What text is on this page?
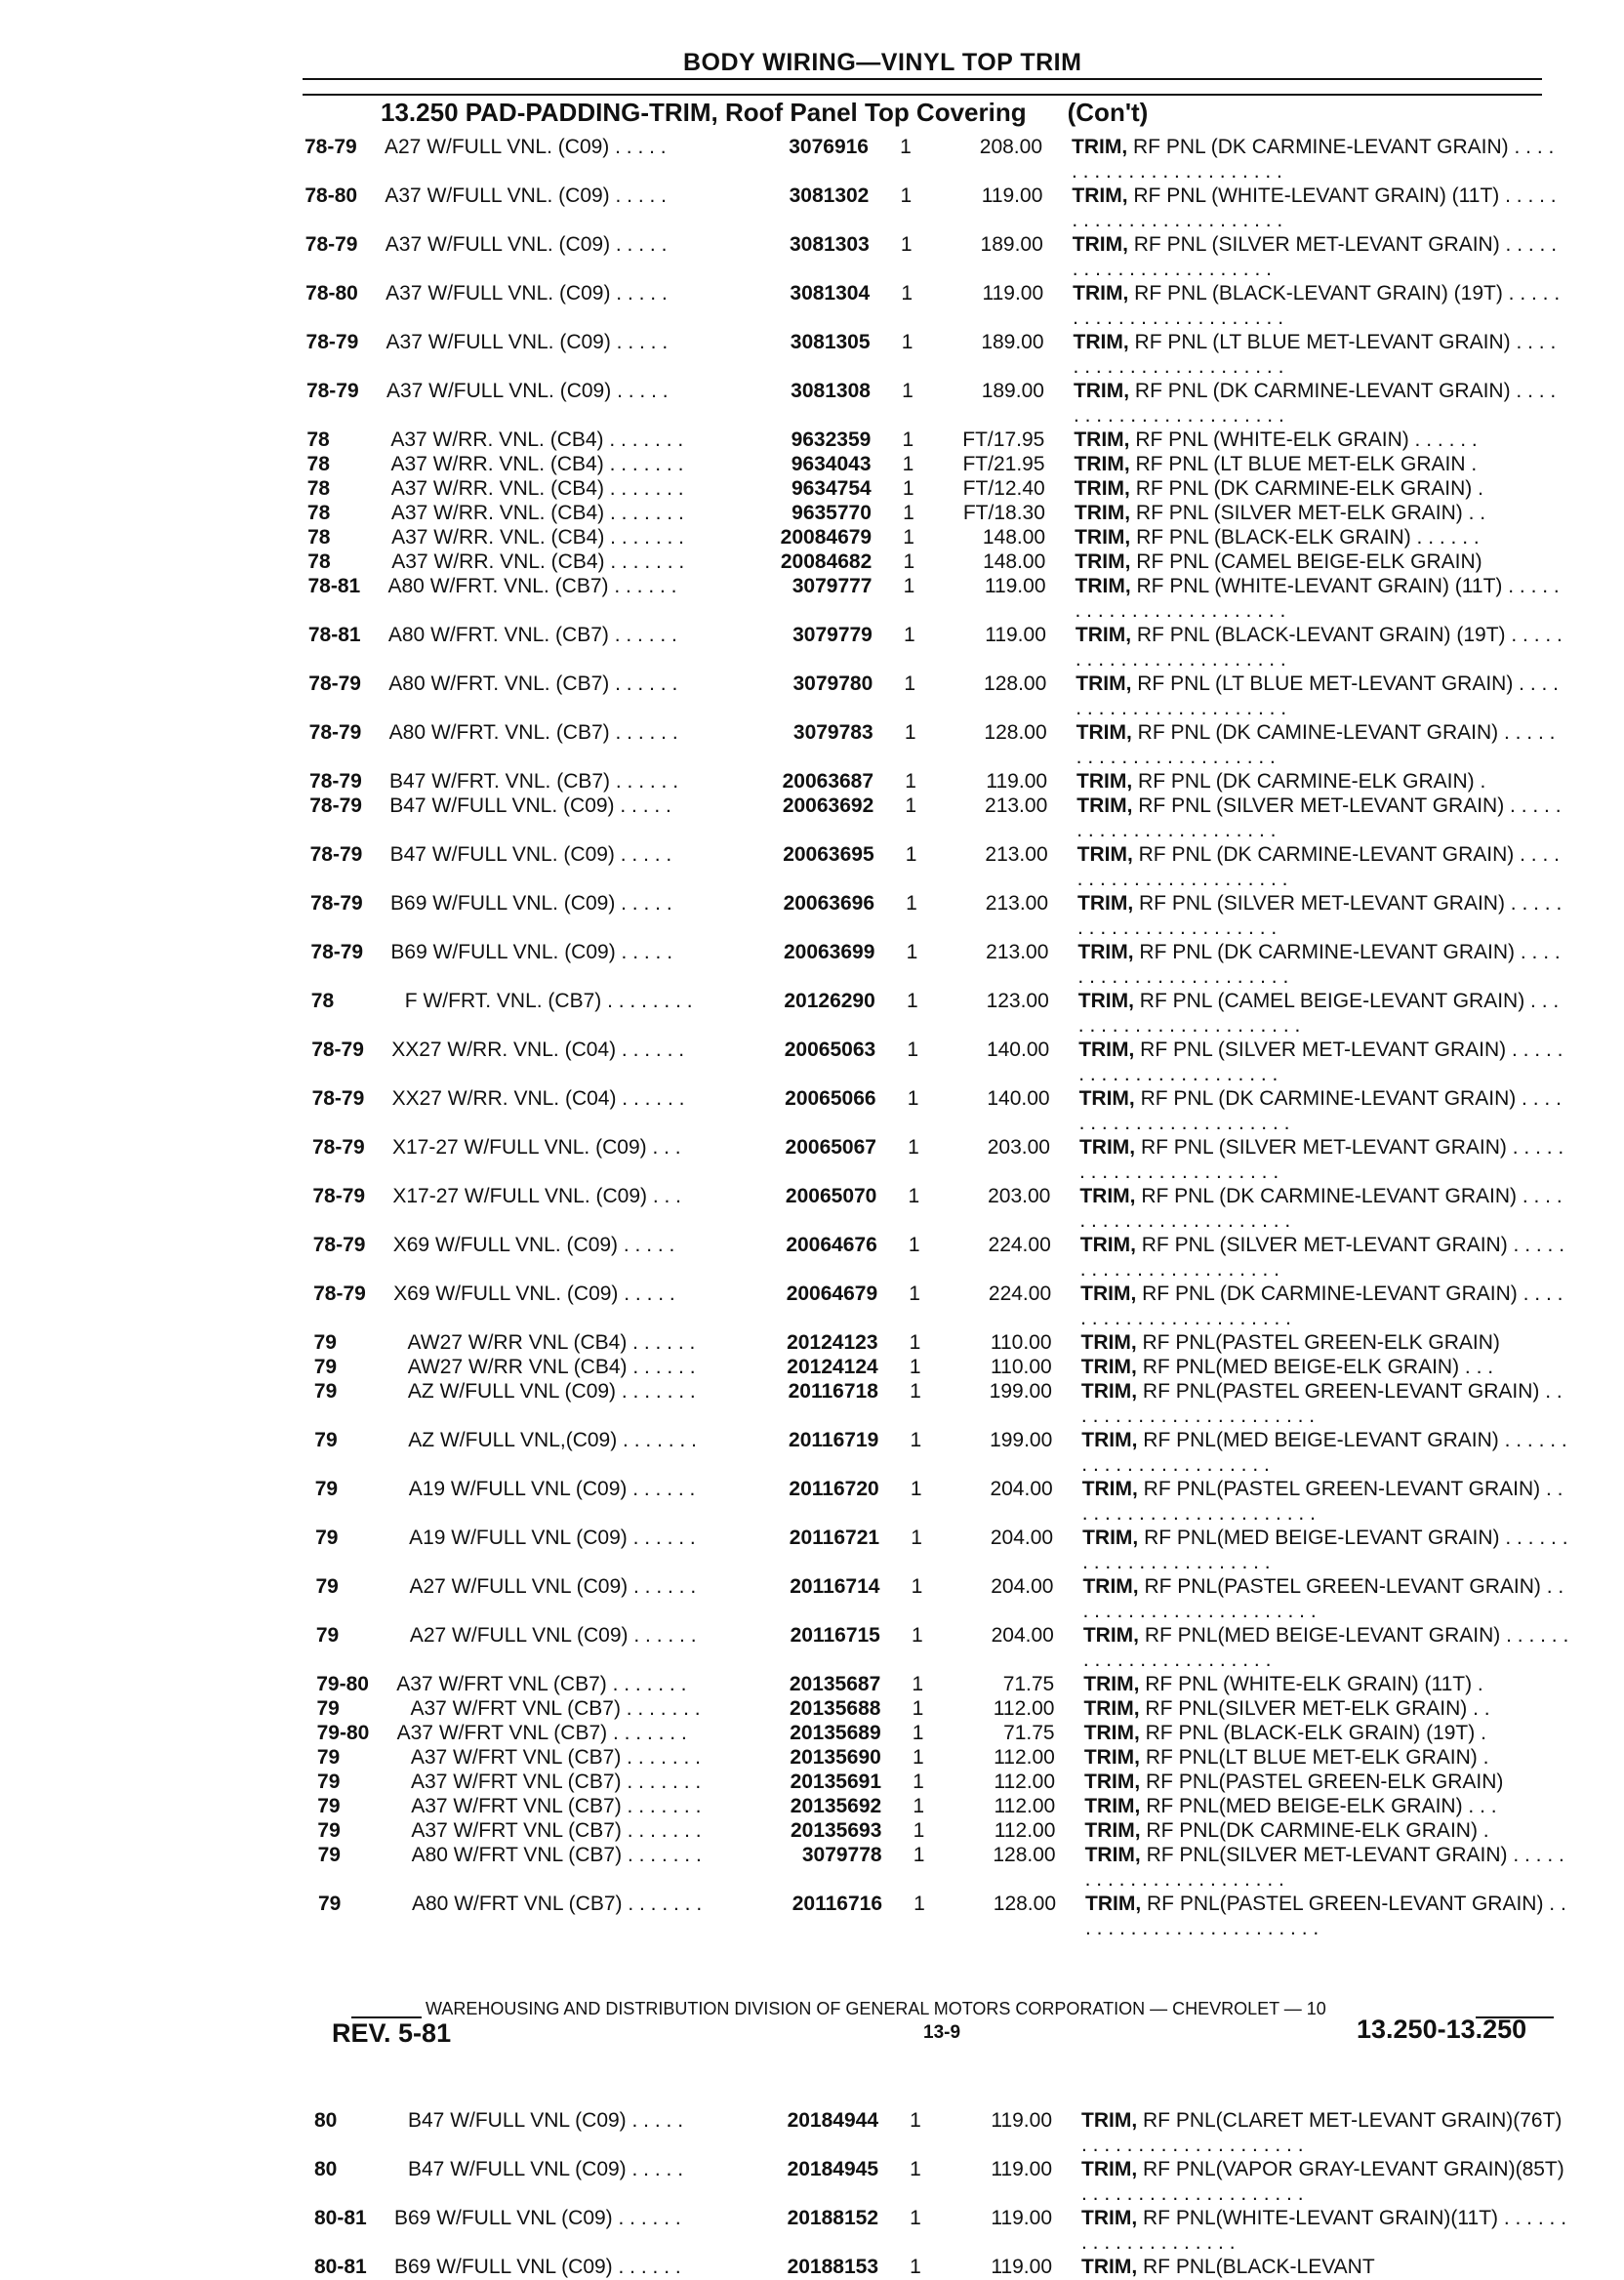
BODY WIRING—VINYL TOP TRIM
13.250 PAD-PADDING-TRIM, Roof Panel Top Covering (Con't)
78-79 A27 W/FULL VNL. (C09) . . . . .	3076916 1	208.00 TRIM, RF PNL (DK CARMINE-LEVANT GRAIN) . . . . . . . . . . . . . . . . . . . . . . .
78-80 A37 W/FULL VNL. (C09) . . . . .	3081302 1	119.00 TRIM, RF PNL (WHITE-LEVANT GRAIN) (11T) . . . . . . . . . . . . . . . . . . . . . . . .
78-79 A37 W/FULL VNL. (C09) . . . . .	3081303 1	189.00 TRIM, RF PNL (SILVER MET-LEVANT GRAIN) . . . . . . . . . . . . . . . . . . . . . . .
78-80 A37 W/FULL VNL. (C09) . . . . .	3081304 1	119.00 TRIM, RF PNL (BLACK-LEVANT GRAIN) (19T) . . . . . . . . . . . . . . . . . . . . . . . .
78-79 A37 W/FULL VNL. (C09) . . . . .	3081305 1	189.00 TRIM, RF PNL (LT BLUE MET-LEVANT GRAIN) . . . . . . . . . . . . . . . . . . . . . . .
78-79 A37 W/FULL VNL. (C09) . . . . .	3081308 1	189.00 TRIM, RF PNL (DK CARMINE-LEVANT GRAIN) . . . . . . . . . . . . . . . . . . . . . . .
78	A37 W/RR. VNL. (CB4) . . . . . . .	9632359 1	FT/17.95 TRIM, RF PNL (WHITE-ELK GRAIN) . . . . . .
78	A37 W/RR. VNL. (CB4) . . . . . . .	9634043 1	FT/21.95 TRIM, RF PNL (LT BLUE MET-ELK GRAIN .
78	A37 W/RR. VNL. (CB4) . . . . . . .	9634754 1	FT/12.40 TRIM, RF PNL (DK CARMINE-ELK GRAIN) .
78	A37 W/RR. VNL. (CB4) . . . . . . .	9635770 1	FT/18.30 TRIM, RF PNL (SILVER MET-ELK GRAIN) . .
78	A37 W/RR. VNL. (CB4) . . . . . . .	20084679 1	148.00 TRIM, RF PNL (BLACK-ELK GRAIN) . . . . . .
78	A37 W/RR. VNL. (CB4) . . . . . . .	20084682 1	148.00 TRIM, RF PNL (CAMEL BEIGE-ELK GRAIN)
78-81 A80 W/FRT. VNL. (CB7) . . . . . .	3079777 1	119.00 TRIM, RF PNL (WHITE-LEVANT GRAIN) (11T) . . . . . . . . . . . . . . . . . . . . . . . .
78-81 A80 W/FRT. VNL. (CB7) . . . . . .	3079779 1	119.00 TRIM, RF PNL (BLACK-LEVANT GRAIN) (19T) . . . . . . . . . . . . . . . . . . . . . . . .
78-79 A80 W/FRT. VNL. (CB7) . . . . . .	3079780 1	128.00 TRIM, RF PNL (LT BLUE MET-LEVANT GRAIN) . . . . . . . . . . . . . . . . . . . . . . .
78-79 A80 W/FRT. VNL. (CB7) . . . . . .	3079783 1	128.00 TRIM, RF PNL (DK CAMINE-LEVANT GRAIN) . . . . . . . . . . . . . . . . . . . . . . .
78-79 B47 W/FRT. VNL. (CB7) . . . . . .	20063687 1	119.00 TRIM, RF PNL (DK CARMINE-ELK GRAIN) .
78-79 B47 W/FULL VNL. (C09) . . . . .	20063692 1	213.00 TRIM, RF PNL (SILVER MET-LEVANT GRAIN) . . . . . . . . . . . . . . . . . . . . . . .
78-79 B47 W/FULL VNL. (C09) . . . . .	20063695 1	213.00 TRIM, RF PNL (DK CARMINE-LEVANT GRAIN) . . . . . . . . . . . . . . . . . . . . . . .
78-79 B69 W/FULL VNL. (C09) . . . . .	20063696 1	213.00 TRIM, RF PNL (SILVER MET-LEVANT GRAIN) . . . . . . . . . . . . . . . . . . . . . . .
78-79 B69 W/FULL VNL. (C09) . . . . .	20063699 1	213.00 TRIM, RF PNL (DK CARMINE-LEVANT GRAIN) . . . . . . . . . . . . . . . . . . . . . . .
78	F W/FRT. VNL. (CB7) . . . . . . . .	20126290 1	123.00 TRIM, RF PNL (CAMEL BEIGE-LEVANT GRAIN) . . . . . . . . . . . . . . . . . . . . . . .
78-79 XX27 W/RR. VNL. (C04) . . . . . .	20065063 1	140.00 TRIM, RF PNL (SILVER MET-LEVANT GRAIN) . . . . . . . . . . . . . . . . . . . . . . .
78-79 XX27 W/RR. VNL. (C04) . . . . . .	20065066 1	140.00 TRIM, RF PNL (DK CARMINE-LEVANT GRAIN) . . . . . . . . . . . . . . . . . . . . . . .
78-79 X17-27 W/FULL VNL. (C09) . . .	20065067 1	203.00 TRIM, RF PNL (SILVER MET-LEVANT GRAIN) . . . . . . . . . . . . . . . . . . . . . . .
78-79 X17-27 W/FULL VNL. (C09) . . .	20065070 1	203.00 TRIM, RF PNL (DK CARMINE-LEVANT GRAIN) . . . . . . . . . . . . . . . . . . . . . . .
78-79 X69 W/FULL VNL. (C09) . . . . .	20064676 1	224.00 TRIM, RF PNL (SILVER MET-LEVANT GRAIN) . . . . . . . . . . . . . . . . . . . . . . .
78-79 X69 W/FULL VNL. (C09) . . . . .	20064679 1	224.00 TRIM, RF PNL (DK CARMINE-LEVANT GRAIN) . . . . . . . . . . . . . . . . . . . . . . .
79	AW27 W/RR VNL (CB4) . . . . . .	20124123 1	110.00 TRIM, RF PNL(PASTEL GREEN-ELK GRAIN)
79	AW27 W/RR VNL (CB4) . . . . . .	20124124 1	110.00 TRIM, RF PNL(MED BEIGE-ELK GRAIN) . . .
79	AZ W/FULL VNL (C09) . . . . . . .	20116718 1	199.00 TRIM, RF PNL(PASTEL GREEN-LEVANT GRAIN) . . . . . . . . . . . . . . . . . . . . . . .
79	AZ W/FULL VNL,(C09) . . . . . . .	20116719 1	199.00 TRIM, RF PNL(MED BEIGE-LEVANT GRAIN) . . . . . . . . . . . . . . . . . . . . . . .
79	A19 W/FULL VNL (C09) . . . . . .	20116720 1	204.00 TRIM, RF PNL(PASTEL GREEN-LEVANT GRAIN) . . . . . . . . . . . . . . . . . . . . . . .
79	A19 W/FULL VNL (C09) . . . . . .	20116721 1	204.00 TRIM, RF PNL(MED BEIGE-LEVANT GRAIN) . . . . . . . . . . . . . . . . . . . . . . .
79	A27 W/FULL VNL (C09) . . . . . .	20116714 1	204.00 TRIM, RF PNL(PASTEL GREEN-LEVANT GRAIN) . . . . . . . . . . . . . . . . . . . . . . .
79	A27 W/FULL VNL (C09) . . . . . .	20116715 1	204.00 TRIM, RF PNL(MED BEIGE-LEVANT GRAIN) . . . . . . . . . . . . . . . . . . . . . . .
79-80 A37 W/FRT VNL (CB7) . . . . . . .	20135687 1	71.75 TRIM, RF PNL (WHITE-ELK GRAIN) (11T) .
79	A37 W/FRT VNL (CB7) . . . . . . .	20135688 1	112.00 TRIM, RF PNL(SILVER MET-ELK GRAIN) . .
79-80 A37 W/FRT VNL (CB7) . . . . . . .	20135689 1	71.75 TRIM, RF PNL (BLACK-ELK GRAIN) (19T) .
79	A37 W/FRT VNL (CB7) . . . . . . .	20135690 1	112.00 TRIM, RF PNL(LT BLUE MET-ELK GRAIN) .
79	A37 W/FRT VNL (CB7) . . . . . . .	20135691 1	112.00 TRIM, RF PNL(PASTEL GREEN-ELK GRAIN)
79	A37 W/FRT VNL (CB7) . . . . . . .	20135692 1	112.00 TRIM, RF PNL(MED BEIGE-ELK GRAIN) . . .
79	A37 W/FRT VNL (CB7) . . . . . . .	20135693 1	112.00 TRIM, RF PNL(DK CARMINE-ELK GRAIN) .
79	A80 W/FRT VNL (CB7) . . . . . . .	3079778 1	128.00 TRIM, RF PNL(SILVER MET-LEVANT GRAIN) . . . . . . . . . . . . . . . . . . . . . . .
79	A80 W/FRT VNL (CB7) . . . . . . .	20116716 1	128.00 TRIM, RF PNL(PASTEL GREEN-LEVANT GRAIN) . . . . . . . . . . . . . . . . . . . . . . .
WAREHOUSING AND DISTRIBUTION DIVISION OF GENERAL MOTORS CORPORATION — CHEVROLET — 10
REV. 5-81	13-9	13.250-13.250
80	B47 W/FULL VNL (C09) . . . . .	20184944 1	119.00 TRIM, RF PNL(CLARET MET-LEVANT GRAIN)(76T) . . . . . . . . . . . . . . . . . . . .
80	B47 W/FULL VNL (C09) . . . . .	20184945 1	119.00 TRIM, RF PNL(VAPOR GRAY-LEVANT GRAIN)(85T) . . . . . . . . . . . . . . . . . . . .
80-81 B69 W/FULL VNL (C09) . . . . . .	20188152 1	119.00 TRIM, RF PNL(WHITE-LEVANT GRAIN)(11T) . . . . . . . . . . . . . . . . . . . .
80-81 B69 W/FULL VNL (C09) . . . . . .	20188153 1	119.00 TRIM, RF PNL(BLACK-LEVANT
